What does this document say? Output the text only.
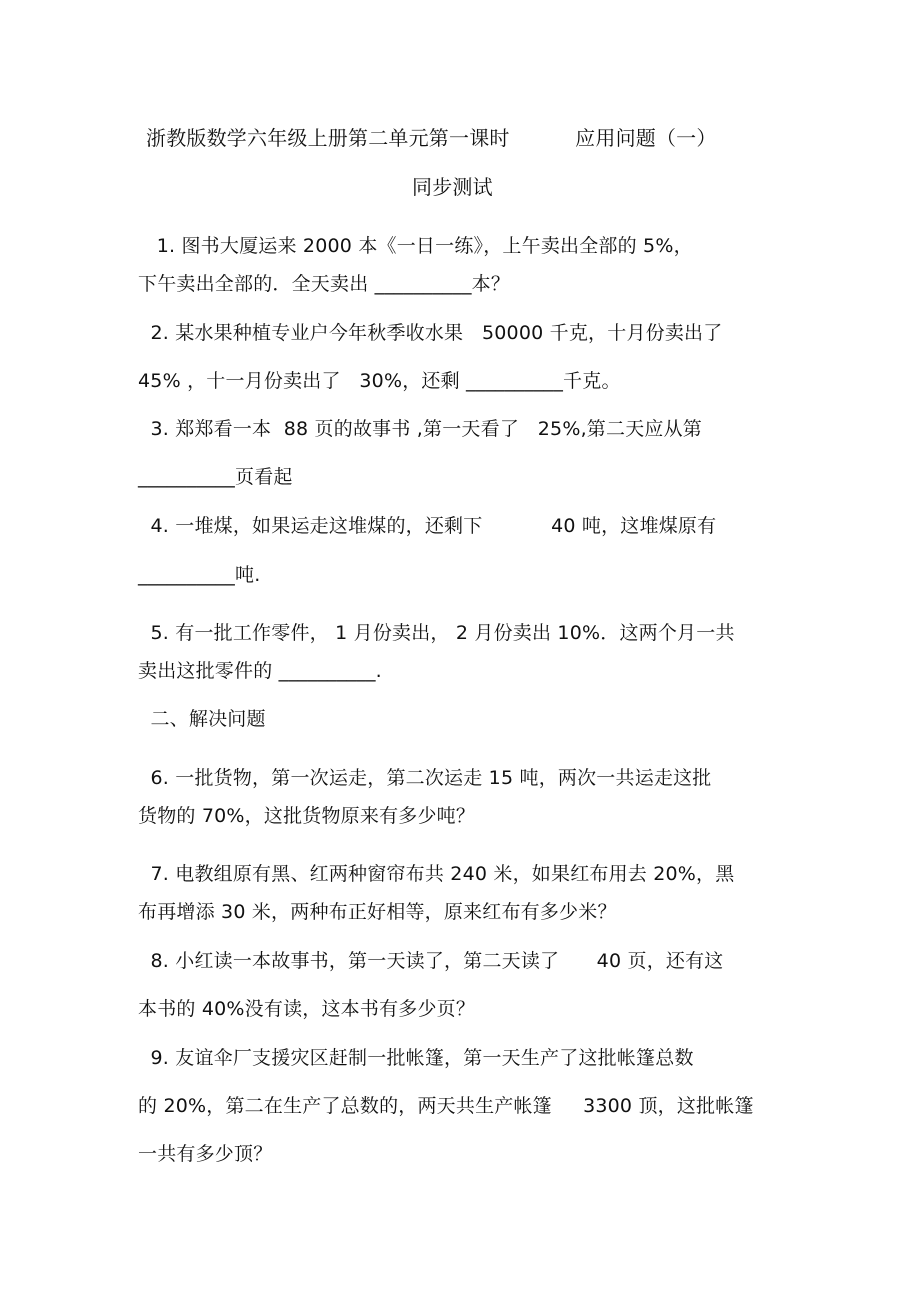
浙教版数学六年级上册第二单元第一课时          应用问题（一）
同步测试
1. 图书大厦运来 2000 本《一日一练》，上午卖出全部的 5%，
下午卖出全部的．全天卖出 __________本？
2. 某水果种植专业户今年秋季收水果   50000 千克，十月份卖出了
45% ，十一月份卖出了   30%，还剩 __________千克。
3. 郑郑看一本  88 页的故事书 ,第一天看了   25%,第二天应从第
__________页看起
4. 一堆煤，如果运走这堆煤的，还剩下           40 吨，这堆煤原有
__________吨.
5. 有一批工作零件， 1 月份卖出， 2 月份卖出 10%．这两个月一共
卖出这批零件的 __________.
二、解决问题
6. 一批货物，第一次运走，第二次运走 15 吨，两次一共运走这批
货物的 70%，这批货物原来有多少吨？
7. 电教组原有黑、红两种窗帘布共 240 米，如果红布用去 20%，黑
布再增添 30 米，两种布正好相等，原来红布有多少米？
8. 小红读一本故事书，第一天读了，第二天读了      40 页，还有这
本书的 40%没有读，这本书有多少页？
9. 友谊伞厂支援灾区赶制一批帐篷，第一天生产了这批帐篷总数
的 20%，第二在生产了总数的，两天共生产帐篷     3300 顶，这批帐篷
一共有多少顶？
